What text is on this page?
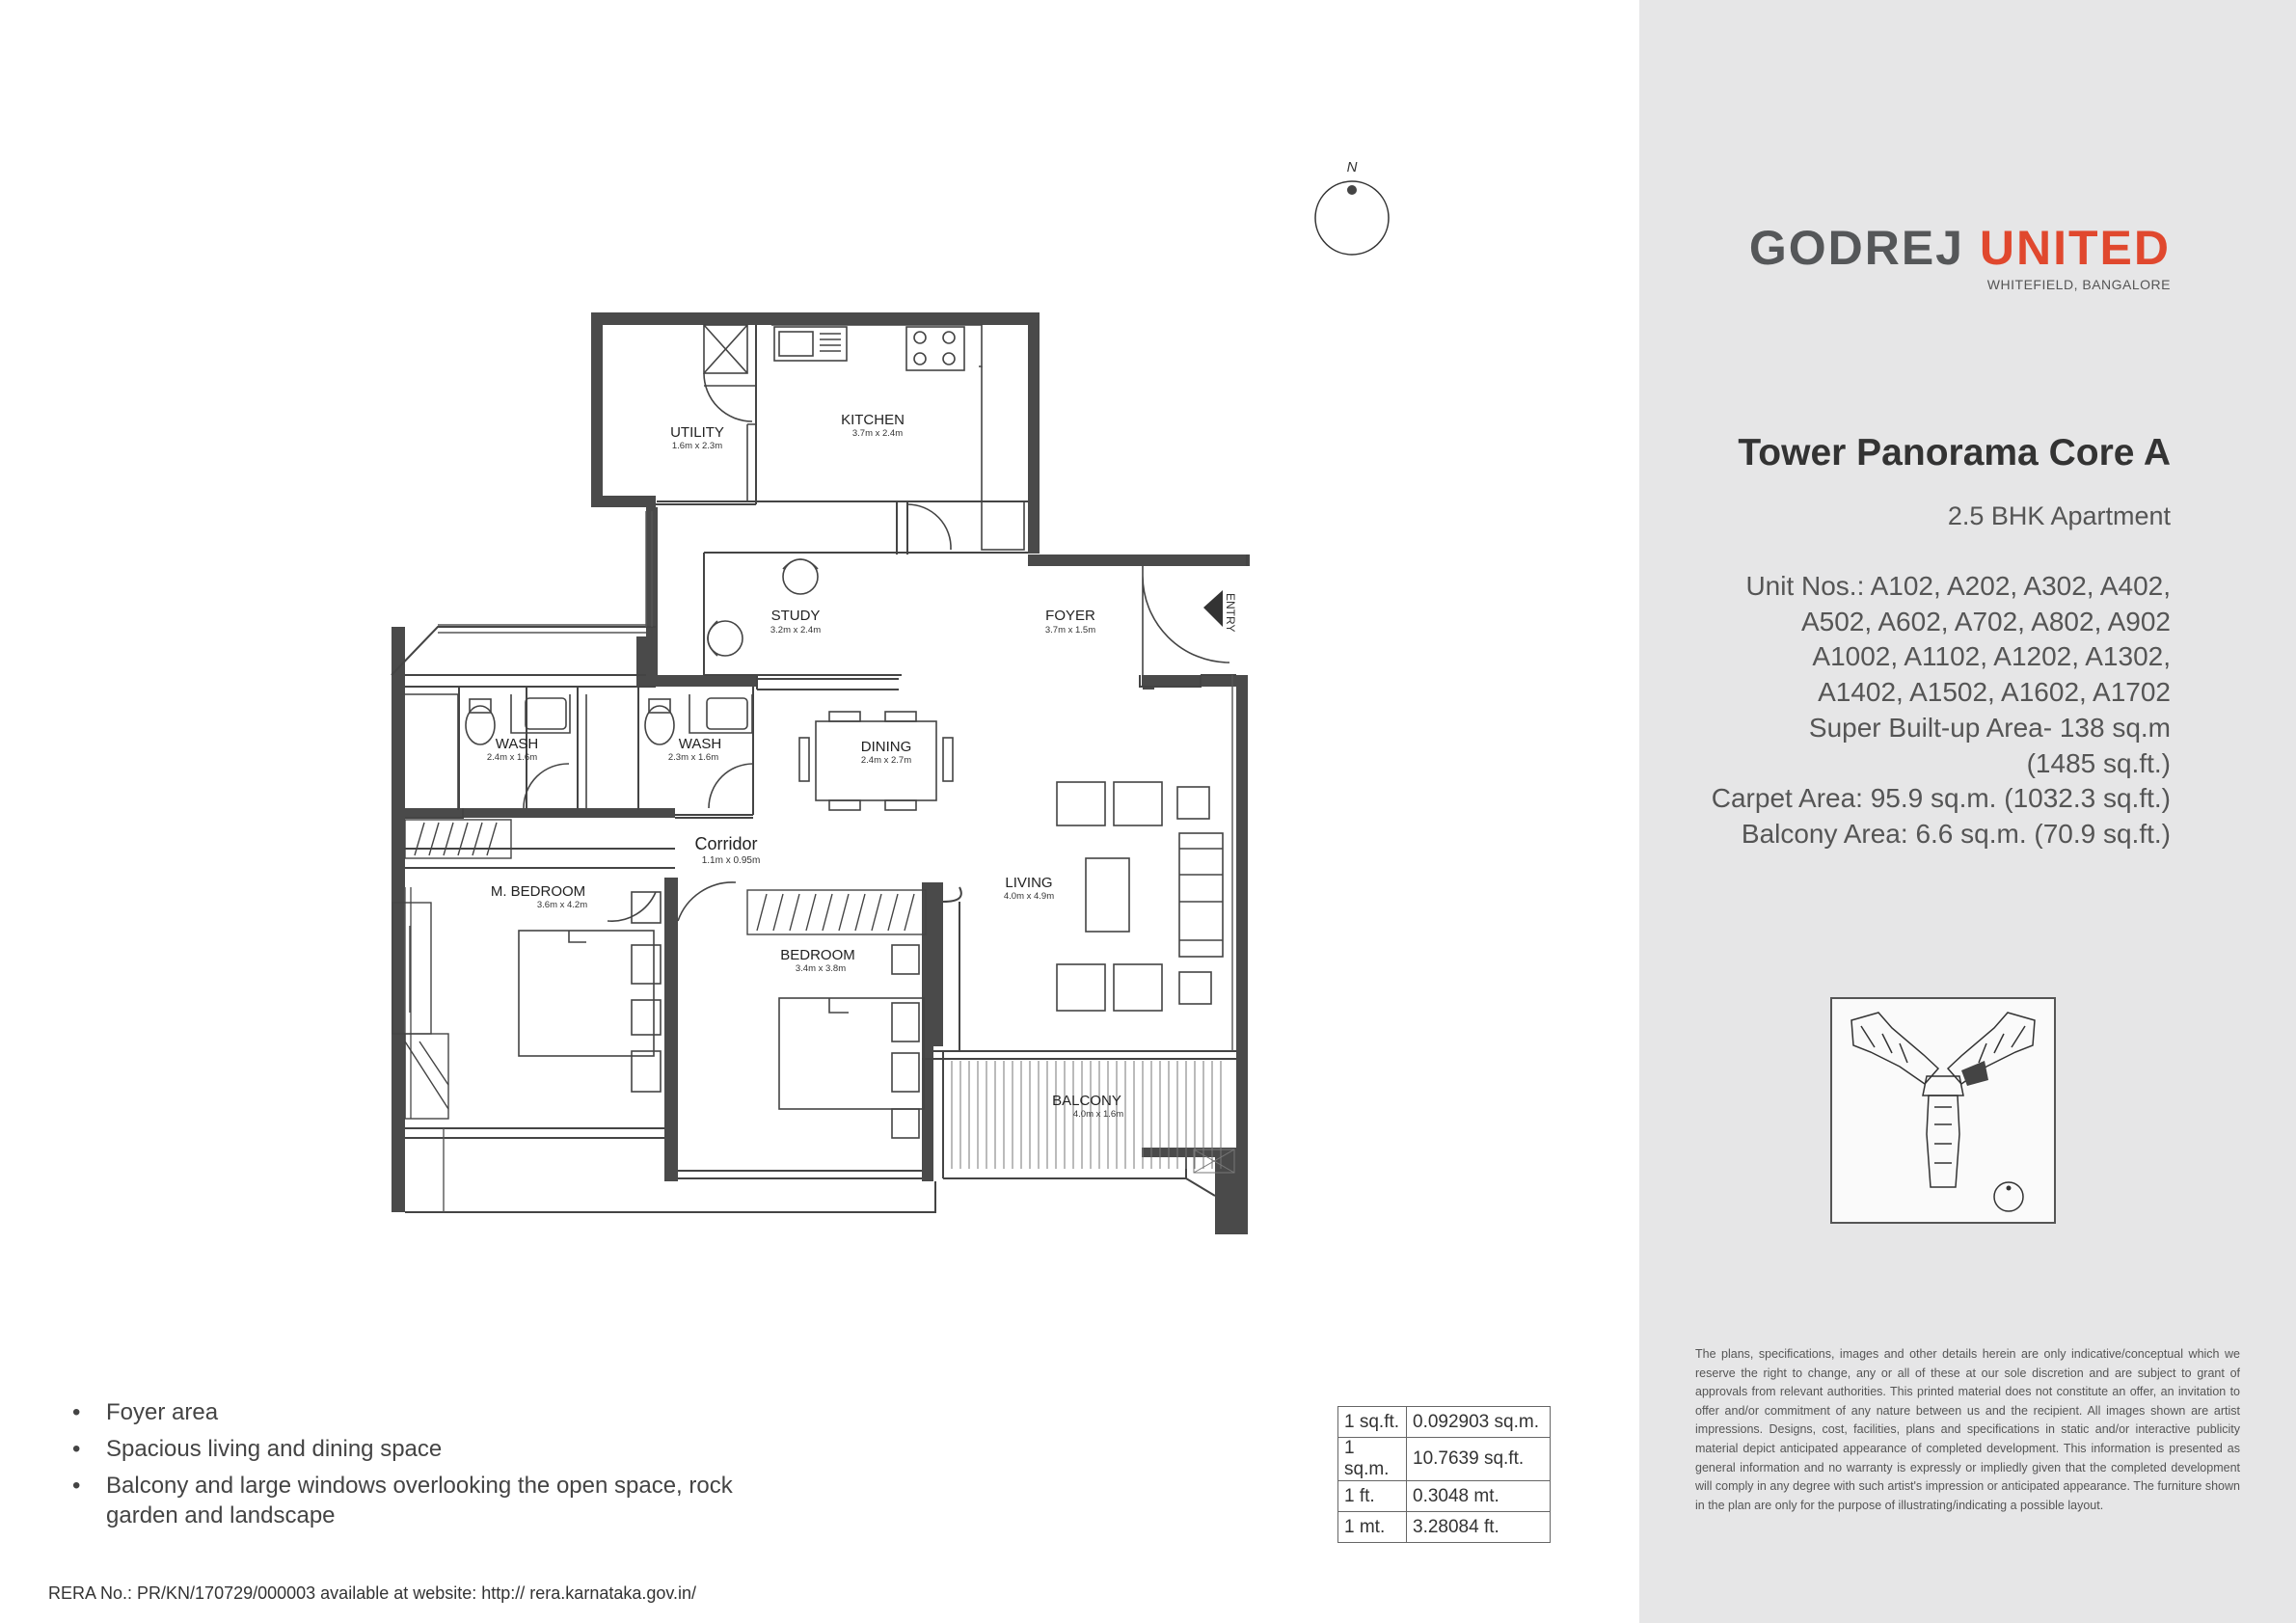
GODREJ UNITED
WHITEFIELD, BANGALORE
Tower Panorama Core A
2.5 BHK Apartment
Unit Nos.: A102, A202, A302, A402,
A502, A602, A702, A802, A902
A1002, A1102, A1202, A1302,
A1402, A1502, A1602, A1702
Super Built-up Area- 138 sq.m
(1485 sq.ft.)
Carpet Area: 95.9 sq.m. (1032.3 sq.ft.)
Balcony Area: 6.6 sq.m. (70.9 sq.ft.)
The plans, specifications, images and other details herein are only indicative/conceptual which we reserve the right to change, any or all of these at our sole discretion and are subject to grant of approvals from relevant authorities. This printed material does not constitute an offer, an invitation to offer and/or commitment of any nature between us and the recipient. All images shown are artist impressions. Designs, cost, facilities, plans and specifications in static and/or interactive publicity material depict anticipated appearance of completed development. This information is presented as general information and no warranty is expressly or impliedly given that the completed development will comply in any degree with such artist's impression or anticipated appearance. The furniture shown in the plan are only for the purpose of illustrating/indicating a possible layout.
N
ENTRY
UTILITY
1.6m x 2.3m
KITCHEN
3.7m x 2.4m
STUDY
3.2m x 2.4m
FOYER
3.7m x 1.5m
WASH
2.4m x 1.6m
WASH
2.3m x 1.6m
DINING
2.4m x 2.7m
Corridor
1.1m x 0.95m
M. BEDROOM
3.6m x 4.2m
LIVING
4.0m x 4.9m
BEDROOM
3.4m x 3.8m
BALCONY
4.0m x 1.6m
• Foyer area
• Spacious living and dining space
• Balcony and large windows overlooking the open space, rock garden and landscape
1 sq.ft.	0.092903 sq.m.
1 sq.m.	10.7639 sq.ft.
1 ft.	0.3048 mt.
1 mt.	3.28084 ft.
RERA No.: PR/KN/170729/000003 available at website: http:// rera.karnataka.gov.in/
